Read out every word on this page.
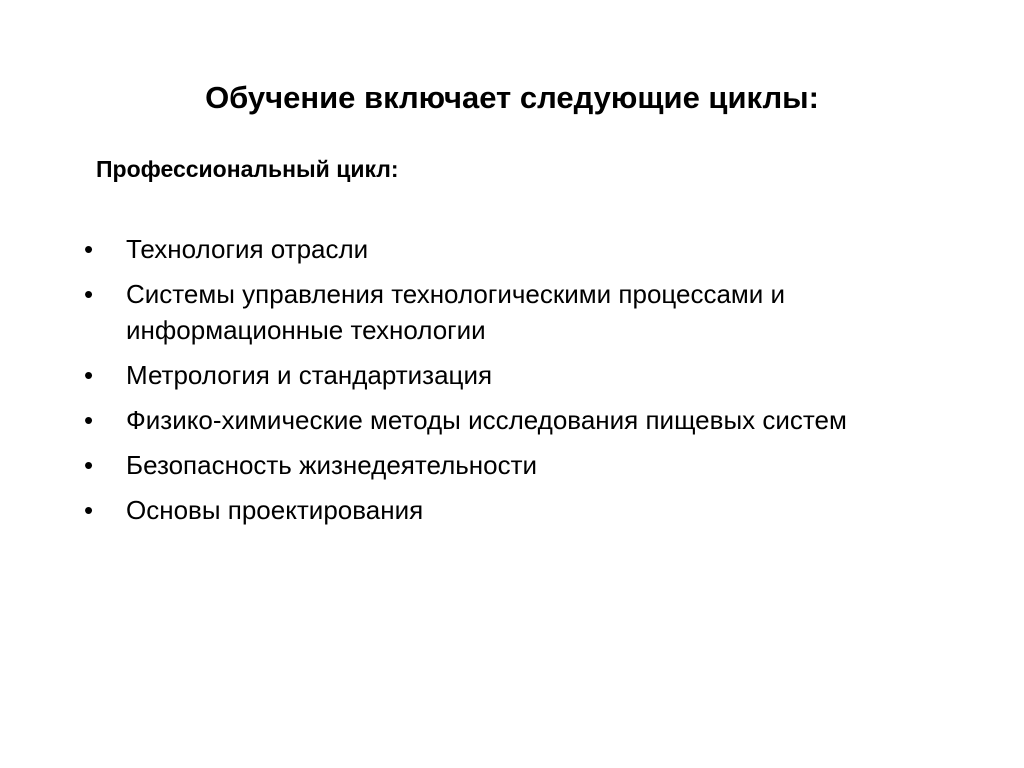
Обучение включает следующие циклы:
Профессиональный цикл:
•	Технология отрасли
•	Системы управления технологическими процессами и информационные технологии
•	Метрология и стандартизация
•	Физико-химические методы исследования пищевых систем
•	Безопасность жизнедеятельности
•	Основы проектирования
